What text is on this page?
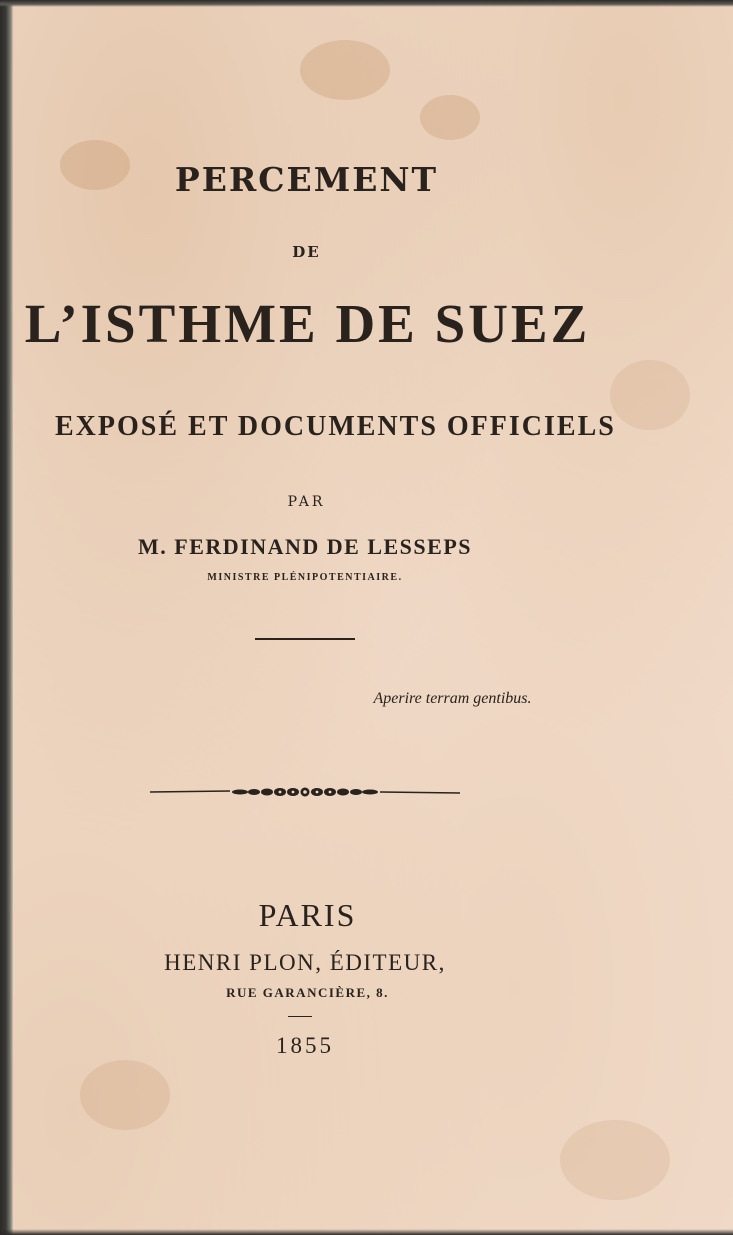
PERCEMENT
DE
L’ISTHME DE SUEZ
EXPOSÉ ET DOCUMENTS OFFICIELS
PAR
M. FERDINAND DE LESSEPS
MINISTRE PLÉNIPOTENTIAIRE.
Aperire terram gentibus.
PARIS
HENRI PLON, ÉDITEUR,
RUE GARANCIÈRE, 8.
1855
